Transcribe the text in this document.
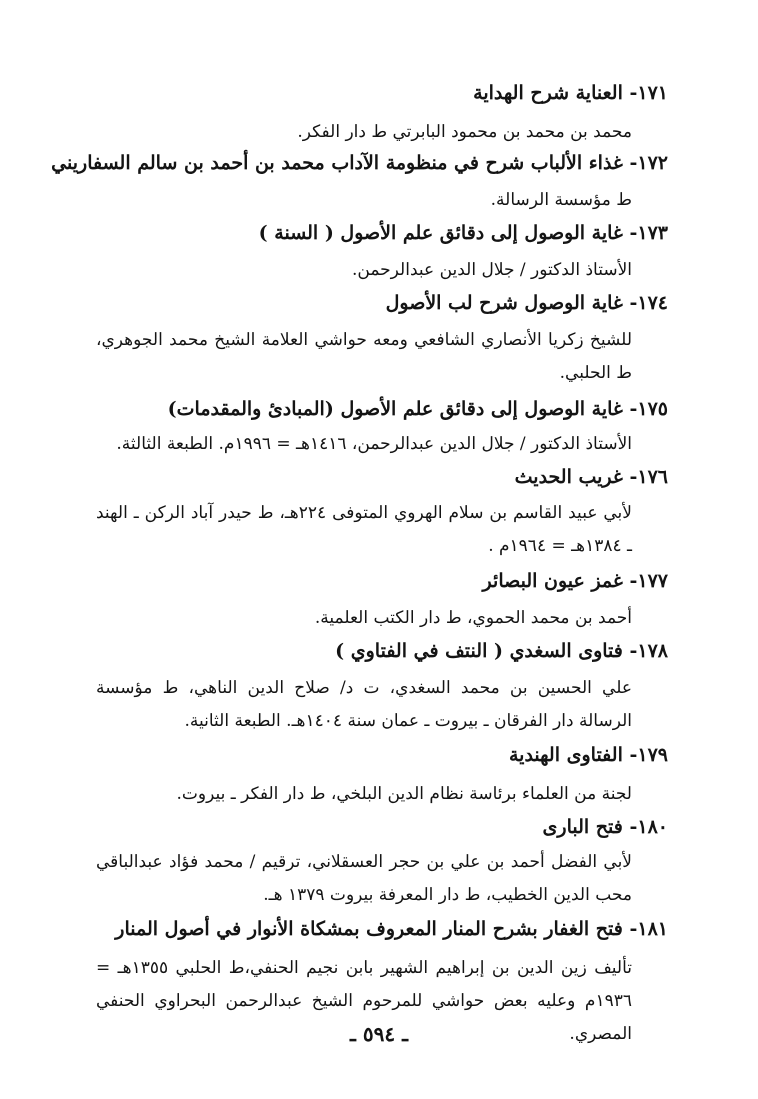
١٧١- العناية شرح الهداية
محمد بن محمد بن محمود البابرتي ط دار الفكر.
١٧٢- غذاء الألباب شرح في منظومة الآداب محمد بن أحمد بن سالم السفاريني
ط مؤسسة الرسالة.
١٧٣- غاية الوصول إلى دقائق علم الأصول ( السنة )
الأستاذ الدكتور / جلال الدين عبدالرحمن.
١٧٤- غاية الوصول شرح لب الأصول
للشيخ زكريا الأنصاري الشافعي ومعه حواشي العلامة الشيخ محمد الجوهري، ط الحلبي.
١٧٥- غاية الوصول إلى دقائق علم الأصول (المبادئ والمقدمات)
الأستاذ الدكتور / جلال الدين عبدالرحمن، ١٤١٦هـ = ١٩٩٦م. الطبعة الثالثة.
١٧٦- غريب الحديث
لأبي عبيد القاسم بن سلام الهروي المتوفى ٢٢٤هـ، ط حيدر آباد الركن ـ الهند ـ ١٣٨٤هـ = ١٩٦٤م .
١٧٧- غمز عيون البصائر
أحمد بن محمد الحموي، ط دار الكتب العلمية.
١٧٨- فتاوى السغدي ( النتف في الفتاوي )
علي الحسين بن محمد السغدي، ت د/ صلاح الدين الناهي، ط مؤسسة الرسالة دار الفرقان ـ بيروت ـ عمان سنة ١٤٠٤هـ. الطبعة الثانية.
١٧٩- الفتاوى الهندية
لجنة من العلماء برئاسة نظام الدين البلخي، ط دار الفكر ـ بيروت.
١٨٠- فتح البارى
لأبي الفضل أحمد بن علي بن حجر العسقلاني، ترقيم / محمد فؤاد عبدالباقي محب الدين الخطيب، ط دار المعرفة بيروت ١٣٧٩ هـ.
١٨١- فتح الغفار بشرح المنار المعروف بمشكاة الأنوار في أصول المنار
تأليف زين الدين بن إبراهيم الشهير بابن نجيم الحنفي،ط الحلبي ١٣٥٥هـ = ١٩٣٦م وعليه بعض حواشي للمرحوم الشيخ عبدالرحمن البحراوي الحنفي المصري.
ـ ٥٩٤ ـ
